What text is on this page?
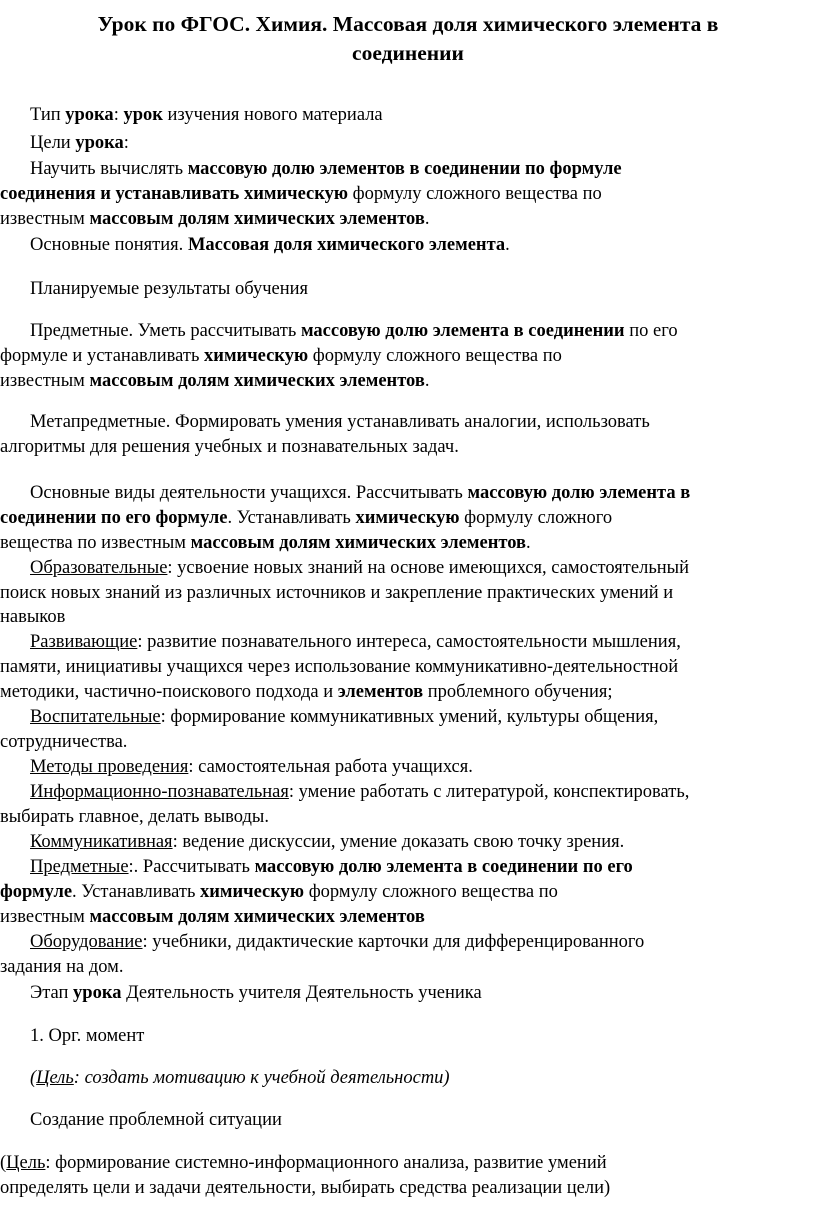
Урок по ФГОС. Химия. Массовая доля химического элемента в
соединении
Тип урока: урок изучения нового материала
Цели урока:
Научить вычислять массовую долю элементов в соединении по формуле
соединения и устанавливать химическую формулу сложного вещества по
известным массовым долям химических элементов.
Основные понятия. Массовая доля химического элемента.
Планируемые результаты обучения
Предметные. Уметь рассчитывать массовую долю элемента в соединении по его
формуле и устанавливать химическую формулу сложного вещества по
известным массовым долям химических элементов.
Метапредметные. Формировать умения устанавливать аналогии, использовать
алгоритмы для решения учебных и познавательных задач.
Основные виды деятельности учащихся. Рассчитывать массовую долю элемента в
соединении по его формуле. Устанавливать химическую формулу сложного
вещества по известным массовым долям химических элементов.
Образовательные: усвоение новых знаний на основе имеющихся, самостоятельный
поиск новых знаний из различных источников и закрепление практических умений и
навыков
Развивающие: развитие познавательного интереса, самостоятельности мышления,
памяти, инициативы учащихся через использование коммуникативно-деятельностной
методики, частично-поискового подхода и элементов проблемного обучения;
Воспитательные: формирование коммуникативных умений, культуры общения,
сотрудничества.
Методы проведения: самостоятельная работа учащихся.
Информационно-познавательная: умение работать с литературой, конспектировать,
выбирать главное, делать выводы.
Коммуникативная: ведение дискуссии, умение доказать свою точку зрения.
Предметные:. Рассчитывать массовую долю элемента в соединении по его
формуле. Устанавливать химическую формулу сложного вещества по
известным массовым долям химических элементов
Оборудование: учебники, дидактические карточки для дифференцированного
задания на дом.
Этап урока Деятельность учителя Деятельность ученика
1. Орг. момент
(Цель: создать мотивацию к учебной деятельности)
Создание проблемной ситуации
(Цель: формирование системно-информационного анализа, развитие умений
определять цели и задачи деятельности, выбирать средства реализации цели)
